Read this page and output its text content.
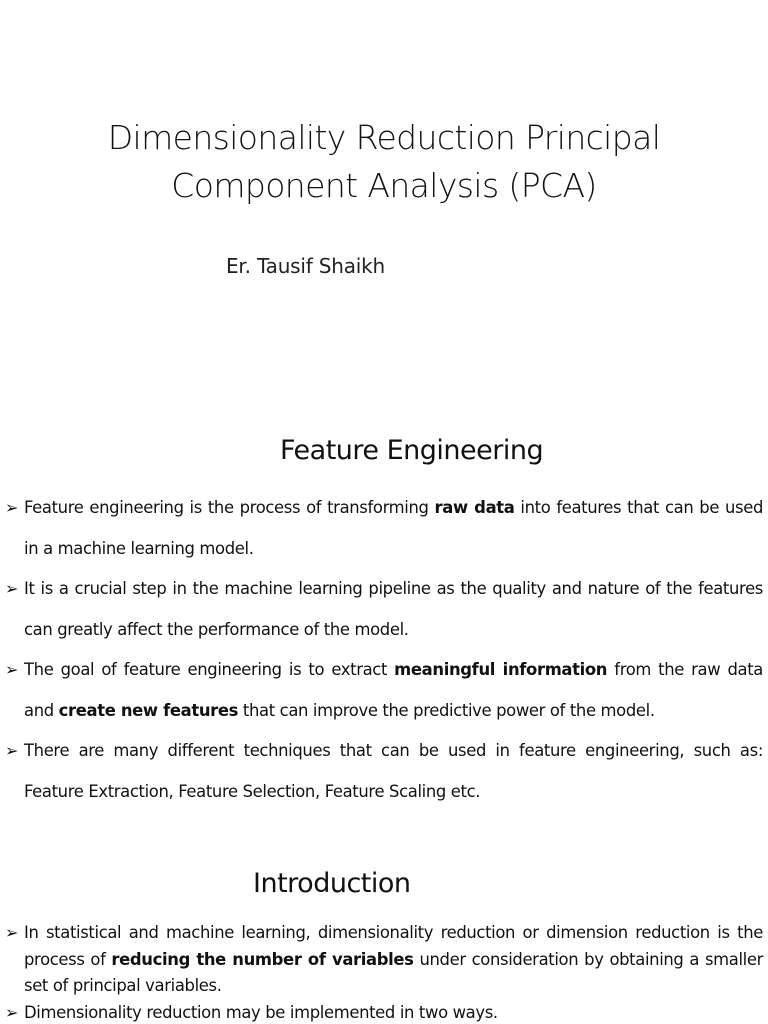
Dimensionality Reduction Principal
Component Analysis (PCA)
Er. Tausif Shaikh
Feature Engineering
➢ Feature engineering is the process of transforming raw data into features that can be used in a machine learning model.
➢ It is a crucial step in the machine learning pipeline as the quality and nature of the features can greatly affect the performance of the model.
➢ The goal of feature engineering is to extract meaningful information from the raw data and create new features that can improve the predictive power of the model.
➢ There are many different techniques that can be used in feature engineering, such as: Feature Extraction, Feature Selection, Feature Scaling etc.
Introduction
➢ In statistical and machine learning, dimensionality reduction or dimension reduction is the process of reducing the number of variables under consideration by obtaining a smaller set of principal variables.
➢ Dimensionality reduction may be implemented in two ways.
